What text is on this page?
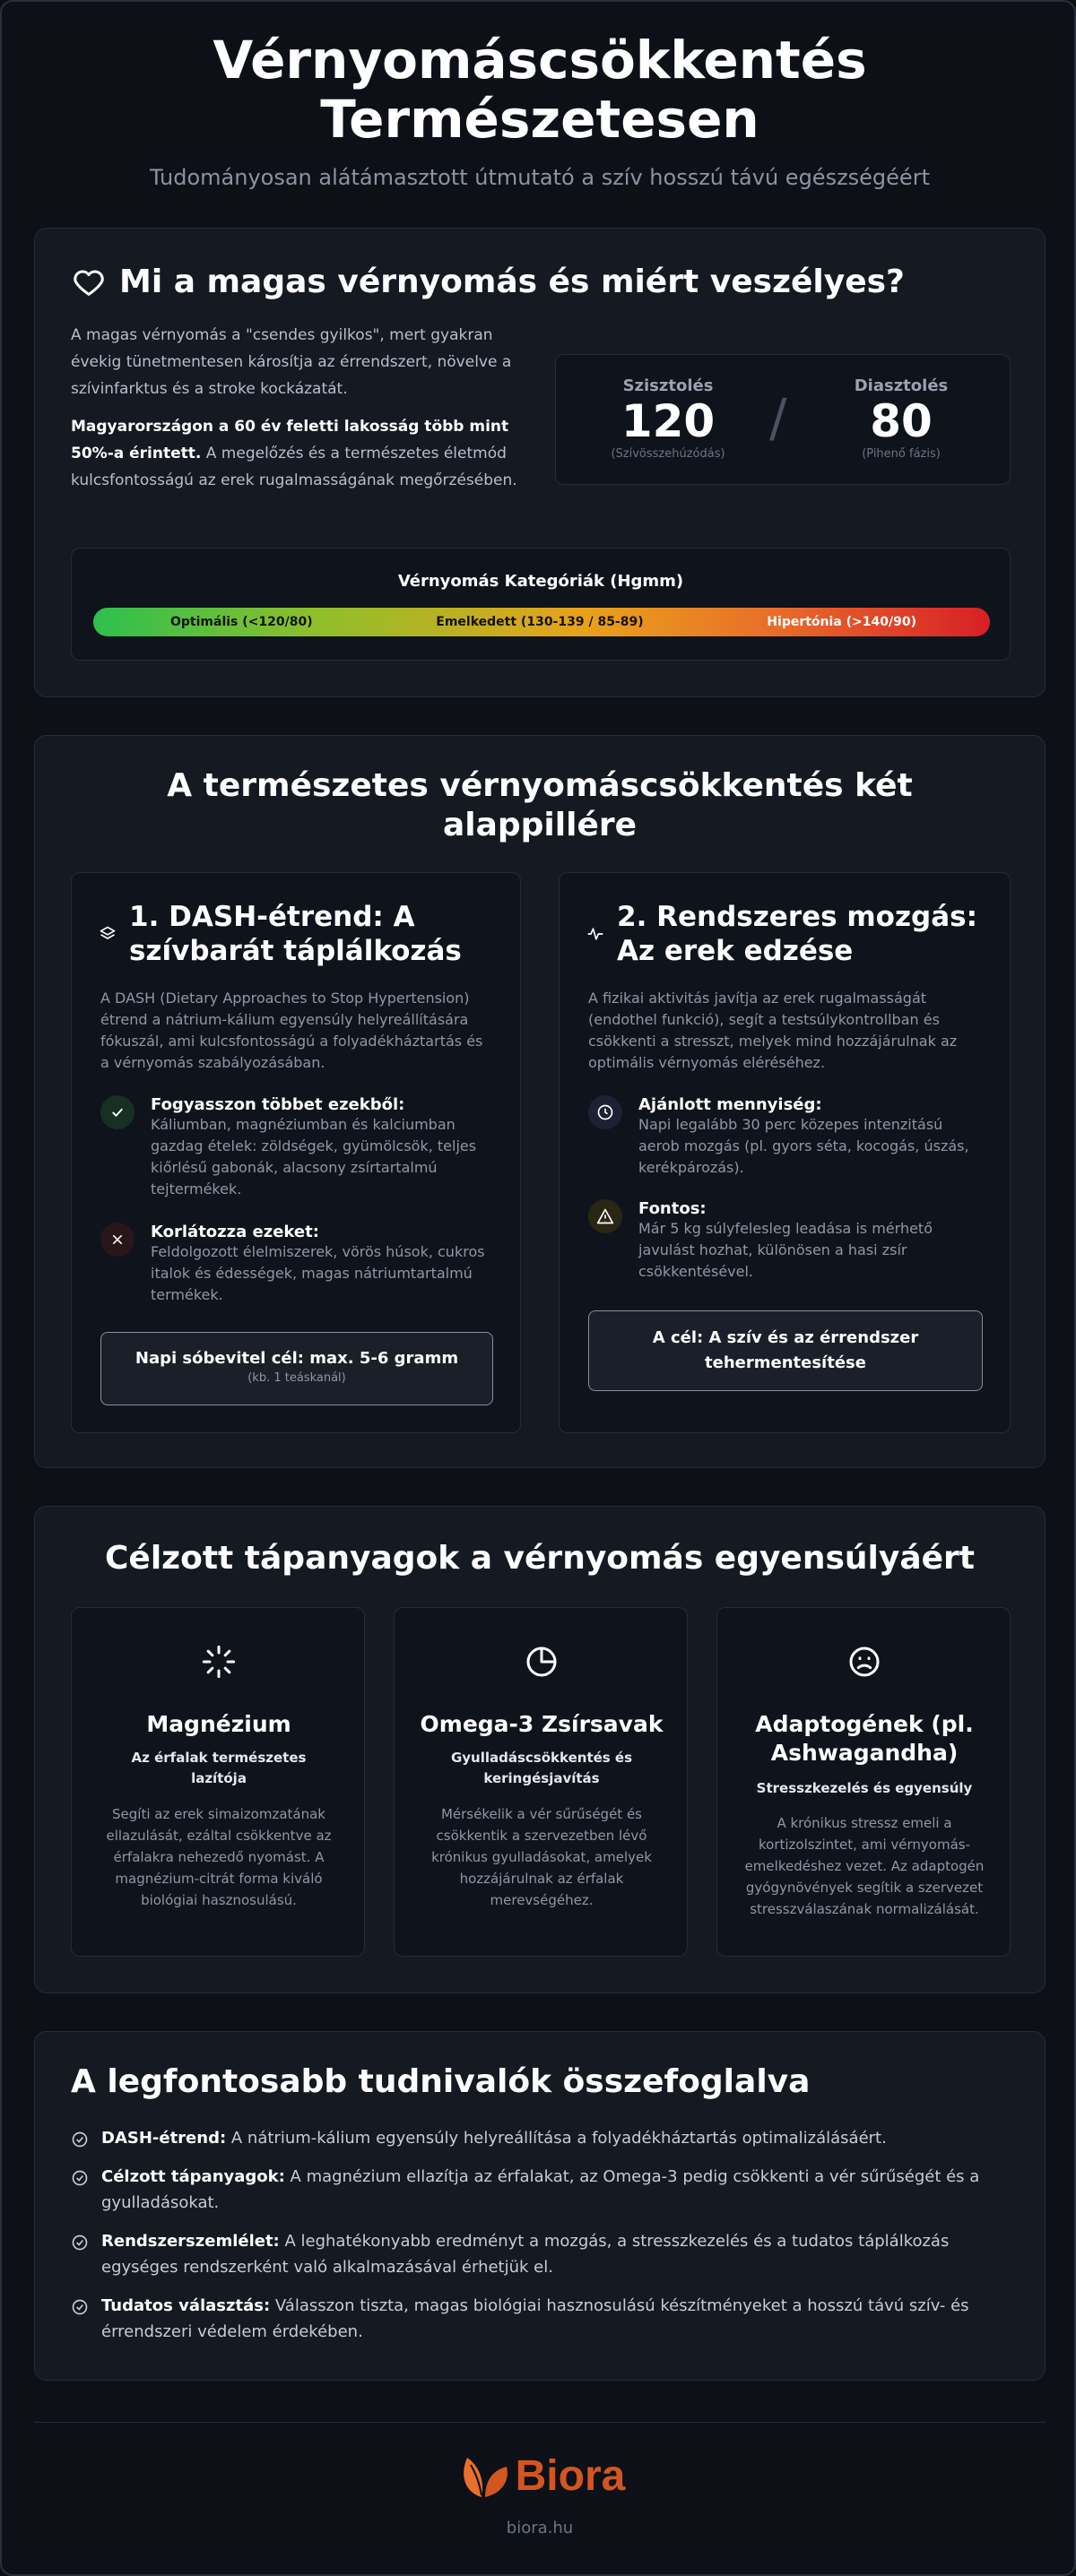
Vérnyomáscsökkentés
Természetesen

Tudományosan alátámasztott útmutató a szív hosszú távú egészségéért

Mi a magas vérnyomás és miért veszélyes?

A magas vérnyomás a "csendes gyilkos", mert gyakran évekig tünetmentesen károsítja az érrendszert, növelve a szívinfarktus és a stroke kockázatát.

Magyarországon a 60 év feletti lakosság több mint 50%-a érintett. A megelőzés és a természetes életmód kulcsfontosságú az erek rugalmasságának megőrzésében.

Szisztolés
120
(Szívösszehúzódás)
/
Diasztolés
80
(Pihenő fázis)
Vérnyomás Kategóriák (Hgmm)
Optimális (<120/80)	Emelkedett (130-139 / 85-89)	Hipertónia (>140/90)
A természetes vérnyomáscsökkentés két
alappillére
1. DASH-étrend: A
szívbarát táplálkozás

A DASH (Dietary Approaches to Stop Hypertension) étrend a nátrium-kálium egyensúly helyreállítására fókuszál, ami kulcsfontosságú a folyadékháztartás és a vérnyomás szabályozásában.

Fogyasszon többet ezekből:
Káliumban, magnéziumban és kalciumban gazdag ételek: zöldségek, gyümölcsök, teljes kiőrlésű gabonák, alacsony zsírtartalmú tejtermékek.
Korlátozza ezeket:
Feldolgozott élelmiszerek, vörös húsok, cukros italok és édességek, magas nátriumtartalmú termékek.
Napi sóbevitel cél: max. 5-6 gramm
(kb. 1 teáskanál)
2. Rendszeres mozgás:
Az erek edzése

A fizikai aktivitás javítja az erek rugalmasságát (endothel funkció), segít a testsúlykontrollban és csökkenti a stresszt, melyek mind hozzájárulnak az optimális vérnyomás eléréséhez.

Ajánlott mennyiség:
Napi legalább 30 perc közepes intenzitású aerob mozgás (pl. gyors séta, kocogás, úszás, kerékpározás).
Fontos:
Már 5 kg súlyfelesleg leadása is mérhető javulást hozhat, különösen a hasi zsír csökkentésével.
A cél: A szív és az érrendszer tehermentesítése
Célzott tápanyagok a vérnyomás egyensúlyáért
Magnézium
Az érfalak természetes lazítója
Segíti az erek simaizomzatának ellazulását, ezáltal csökkentve az érfalakra nehezedő nyomást. A magnézium-citrát forma kiváló biológiai hasznosulású.
Omega-3 Zsírsavak
Gyulladáscsökkentés és keringésjavítás
Mérsékelik a vér sűrűségét és csökkentik a szervezetben lévő krónikus gyulladásokat, amelyek hozzájárulnak az érfalak merevségéhez.
Adaptogének (pl. Ashwagandha)
Stresszkezelés és egyensúly
A krónikus stressz emeli a kortizolszintet, ami vérnyomás-emelkedéshez vezet. Az adaptogén gyógynövények segítik a szervezet stresszválaszának normalizálását.
A legfontosabb tudnivalók összefoglalva
DASH-étrend: A nátrium-kálium egyensúly helyreállítása a folyadékháztartás optimalizálásáért.
Célzott tápanyagok: A magnézium ellazítja az érfalakat, az Omega-3 pedig csökkenti a vér sűrűségét és a gyulladásokat.
Rendszerszemlélet: A leghatékonyabb eredményt a mozgás, a stresszkezelés és a tudatos táplálkozás egységes rendszerként való alkalmazásával érhetjük el.
Tudatos választás: Válasszon tiszta, magas biológiai hasznosulású készítményeket a hosszú távú szív- és érrendszeri védelem érdekében.
Biora
biora.hu
